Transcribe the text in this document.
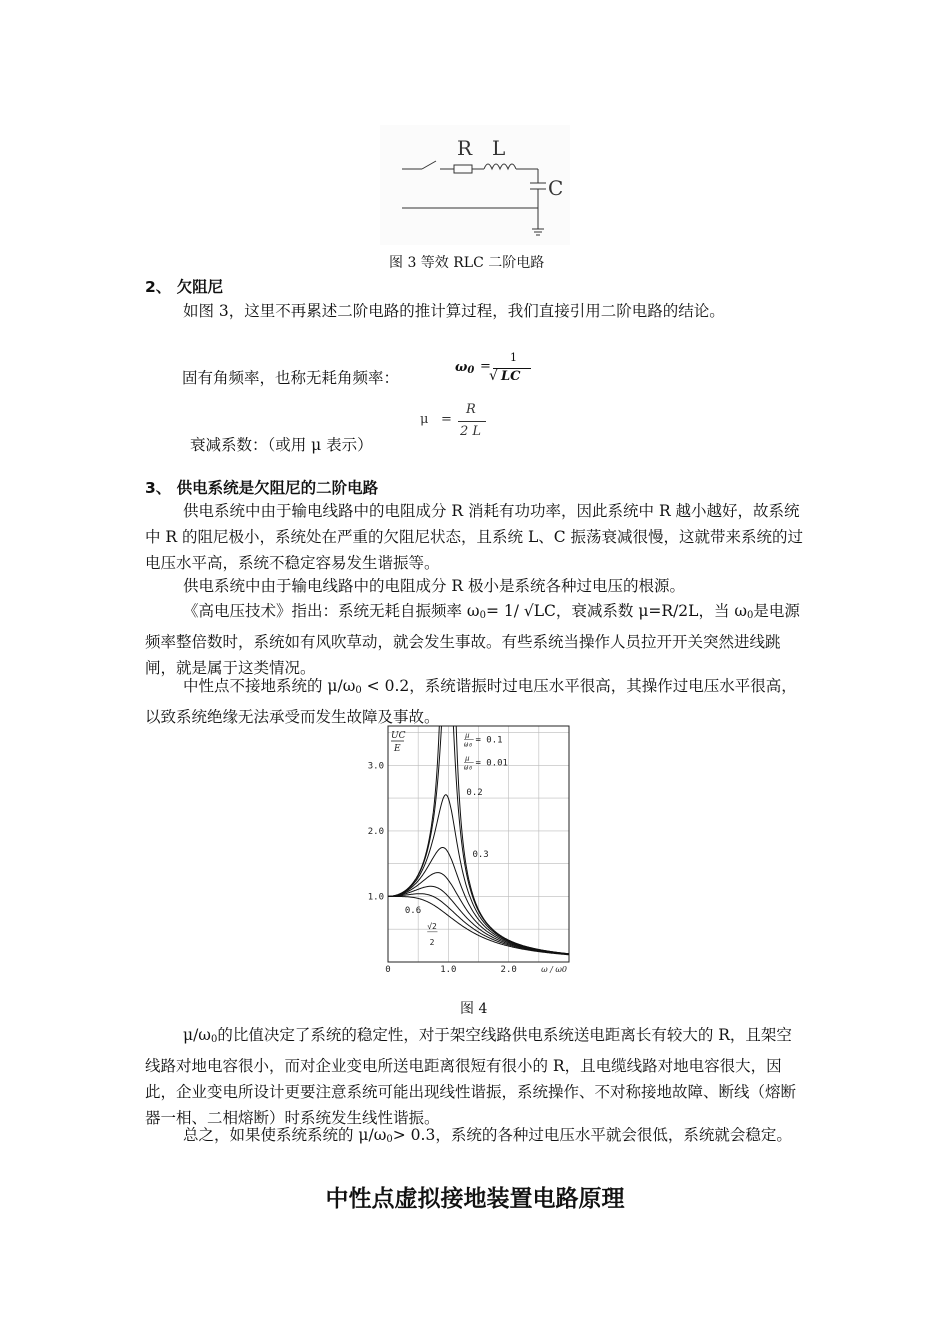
R L
C
图 3 等效 RLC 二阶电路
2、 欠阻尼
如图 3，这里不再累述二阶电路的推计算过程，我们直接引用二阶电路的结论。
固有角频率，也称无耗角频率：
$\omega_0$ =
1
√ LC
衰减系数：（或用 μ 表示）
μ =
R
2 L
3、 供电系统是欠阻尼的二阶电路
供电系统中由于输电线路中的电阻成分 R 消耗有功功率，因此系统中 R 越小越好，故系统中 R 的阻尼极小，系统处在严重的欠阻尼状态，且系统 L、C 振荡衰减很慢，这就带来系统的过电压水平高，系统不稳定容易发生谐振等。
供电系统中由于输电线路中的电阻成分 R 极小是系统各种过电压的根源。
《高电压技术》指出：系统无耗自振频率 $\omega_0= 1/$ √LC，衰减系数 μ=R/2L，当 $\omega_0$是电源频率整倍数时，系统如有风吹草动，就会发生事故。有些系统当操作人员拉开开关突然进线跳闸，就是属于这类情况。
中性点不接地系统的 $\mu/\omega_0 < 0.2$，系统谐振时过电压水平很高，其操作过电压水平很高，以致系统绝缘无法承受而发生故障及事故。
1.0
2.0
3.0
0	1.0	2.0
UC
E
ω / ω0
μ
ω₀ = 0.1
μ
ω₀ = 0.01
0.2
0.3
0.6
√2
2
图 4
$\mu/\omega_0$的比值决定了系统的稳定性，对于架空线路供电系统送电距离长有较大的 R，且架空线路对地电容很小，而对企业变电所送电距离很短有很小的 R，且电缆线路对地电容很大，因此，企业变电所设计更要注意系统可能出现线性谐振，系统操作、不对称接地故障、断线（熔断器一相、二相熔断）时系统发生线性谐振。
总之，如果使系统系统的 $\mu/\omega_0> 0.3$，系统的各种过电压水平就会很低，系统就会稳定。
中性点虚拟接地装置电路原理
